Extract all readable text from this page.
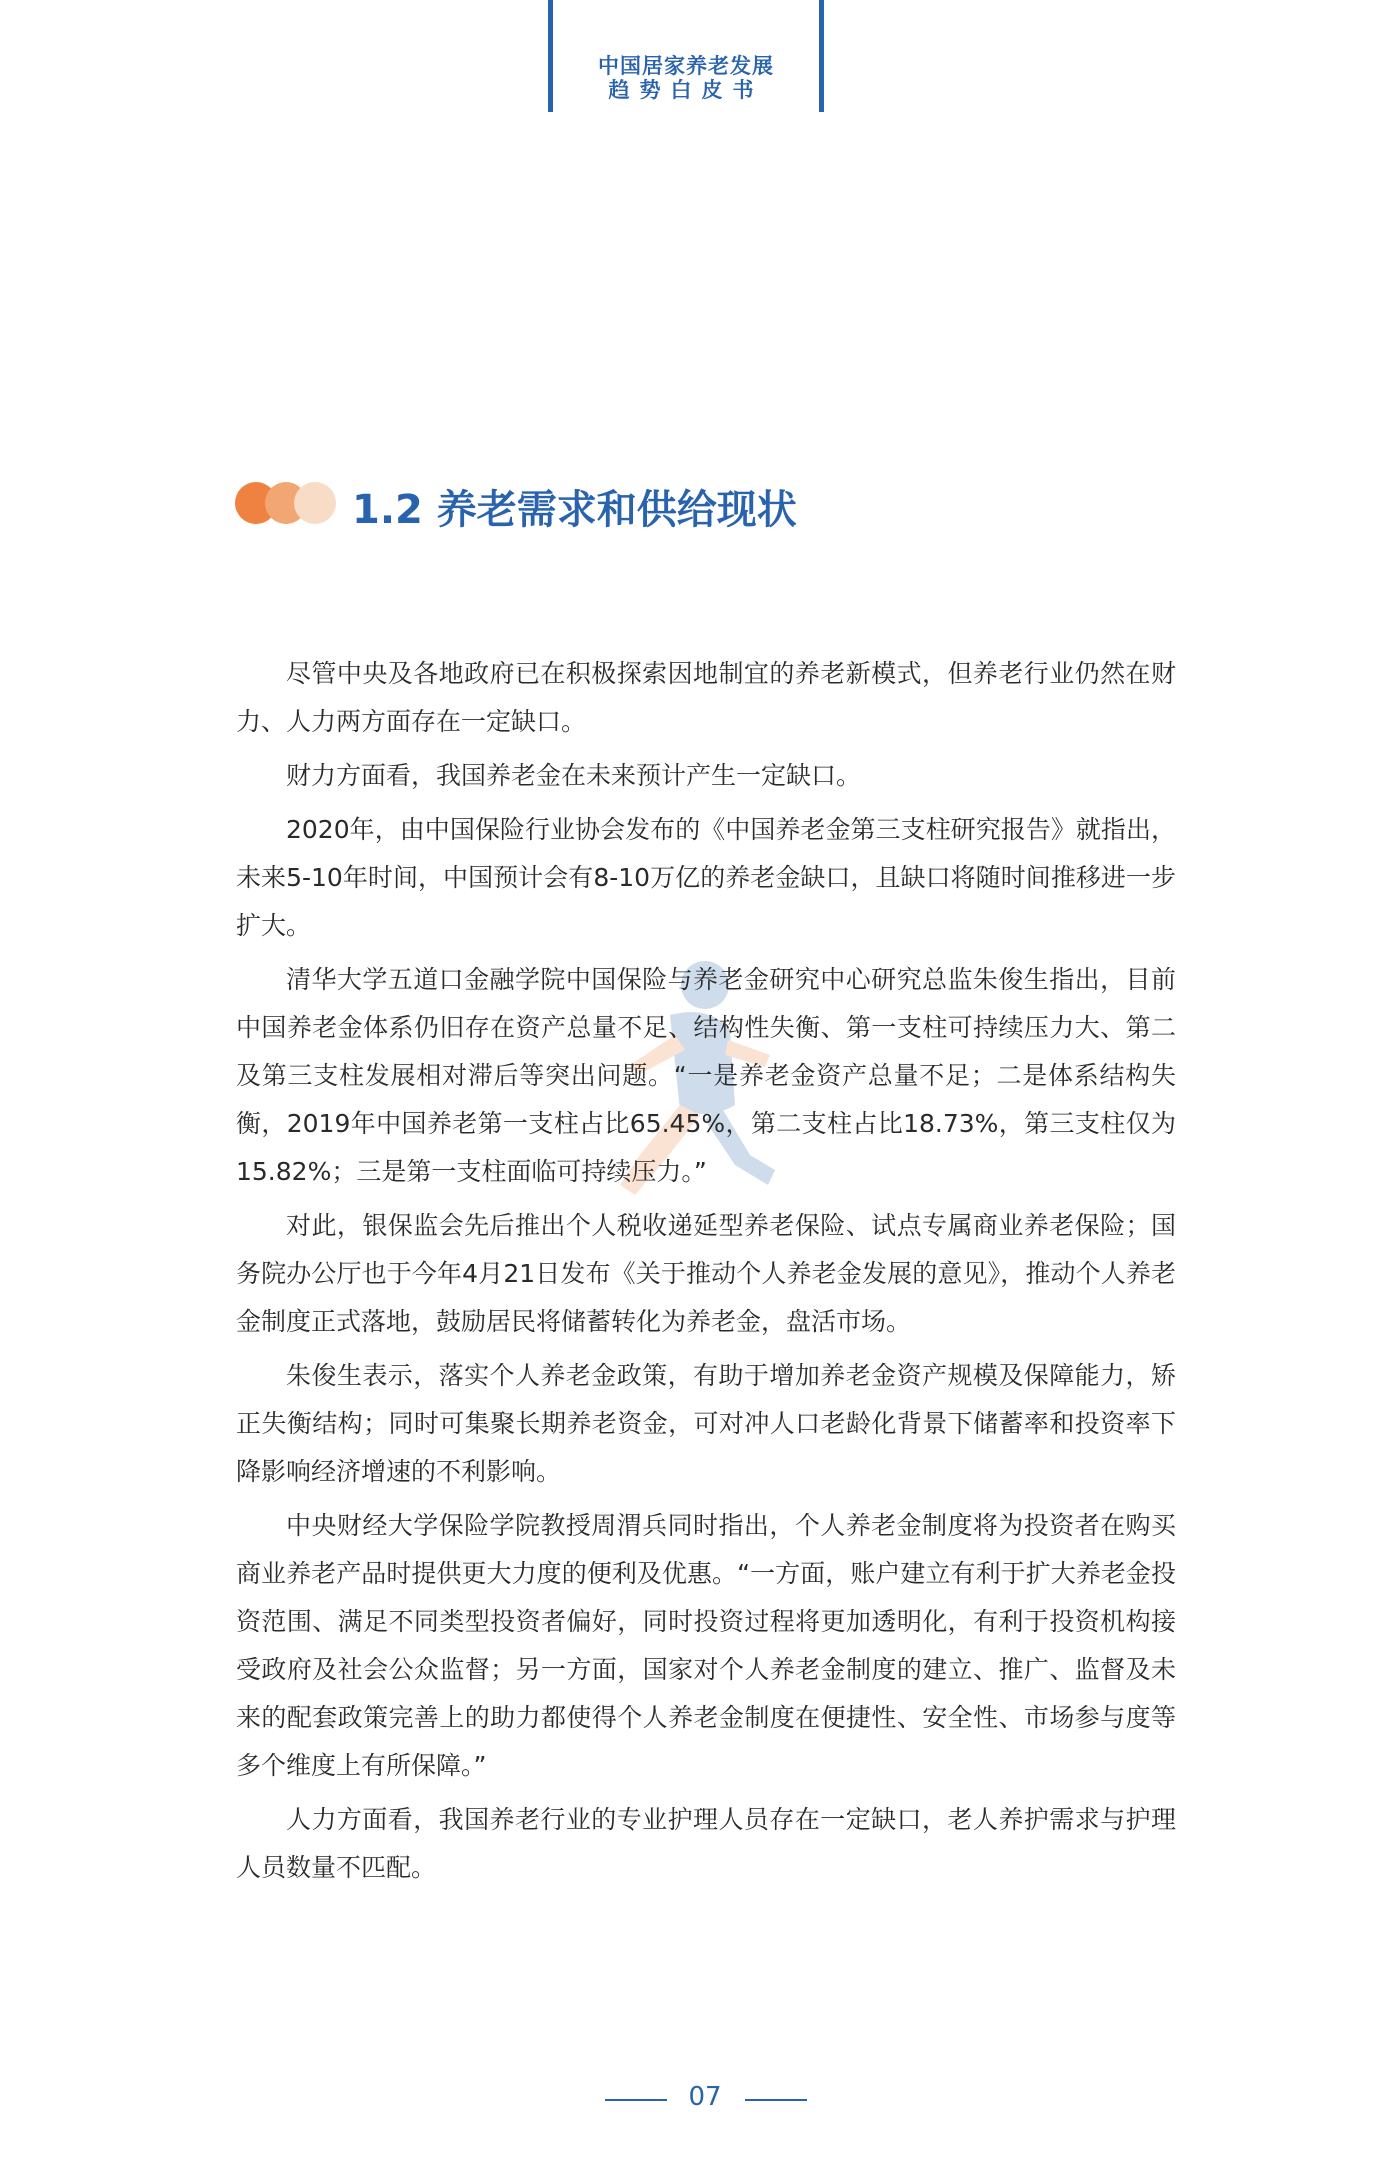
中国居家养老发展
趋势白皮书
1.2 养老需求和供给现状

尽管中央及各地政府已在积极探索因地制宜的养老新模式，但养老行业仍然在财力、人力两方面存在一定缺口。

财力方面看，我国养老金在未来预计产生一定缺口。

2020年，由中国保险行业协会发布的《中国养老金第三支柱研究报告》就指出，未来5-10年时间，中国预计会有8-10万亿的养老金缺口，且缺口将随时间推移进一步扩大。

清华大学五道口金融学院中国保险与养老金研究中心研究总监朱俊生指出，目前中国养老金体系仍旧存在资产总量不足、结构性失衡、第一支柱可持续压力大、第二及第三支柱发展相对滞后等突出问题。“一是养老金资产总量不足；二是体系结构失衡，2019年中国养老第一支柱占比65.45%，第二支柱占比18.73%，第三支柱仅为15.82%；三是第一支柱面临可持续压力。”

对此，银保监会先后推出个人税收递延型养老保险、试点专属商业养老保险；国务院办公厅也于今年4月21日发布《关于推动个人养老金发展的意见》，推动个人养老金制度正式落地，鼓励居民将储蓄转化为养老金，盘活市场。

朱俊生表示，落实个人养老金政策，有助于增加养老金资产规模及保障能力，矫正失衡结构；同时可集聚长期养老资金，可对冲人口老龄化背景下储蓄率和投资率下降影响经济增速的不利影响。

中央财经大学保险学院教授周渭兵同时指出，个人养老金制度将为投资者在购买商业养老产品时提供更大力度的便利及优惠。“一方面，账户建立有利于扩大养老金投资范围、满足不同类型投资者偏好，同时投资过程将更加透明化，有利于投资机构接受政府及社会公众监督；另一方面，国家对个人养老金制度的建立、推广、监督及未来的配套政策完善上的助力都使得个人养老金制度在便捷性、安全性、市场参与度等多个维度上有所保障。”

人力方面看，我国养老行业的专业护理人员存在一定缺口，老人养护需求与护理人员数量不匹配。

07
